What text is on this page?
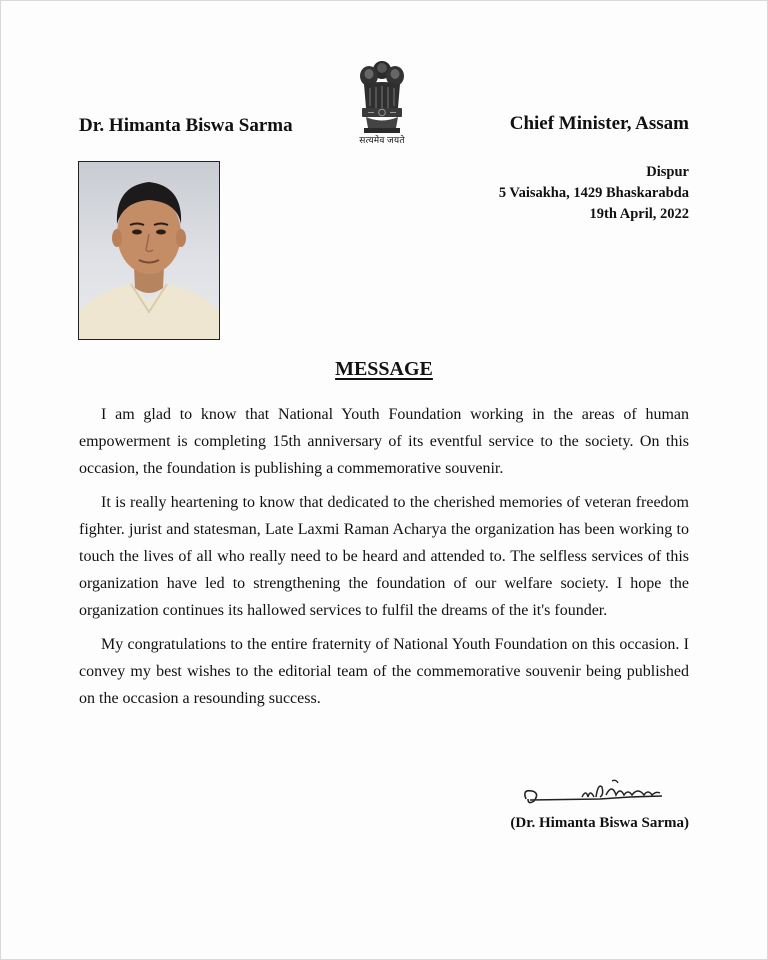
सत्यमेव जयते
Dr. Himanta Biswa Sarma	Chief Minister, Assam
Dispur
5 Vaisakha, 1429 Bhaskarabda
19th April, 2022
MESSAGE

I am glad to know that National Youth Foundation working in the areas of human empowerment is completing 15th anniversary of its eventful service to the society. On this occasion, the foundation is publishing a commemorative souvenir.

It is really heartening to know that dedicated to the cherished memories of veteran freedom fighter. jurist and statesman, Late Laxmi Raman Acharya the organization has been working to touch the lives of all who really need to be heard and attended to. The selfless services of this organization have led to strengthening the foundation of our welfare society. I hope the organization continues its hallowed services to fulfil the dreams of the it's founder.

My congratulations to the entire fraternity of National Youth Foundation on this occasion. I convey my best wishes to the editorial team of the commemorative souvenir being published on the occasion a resounding success.

(Dr. Himanta Biswa Sarma)
